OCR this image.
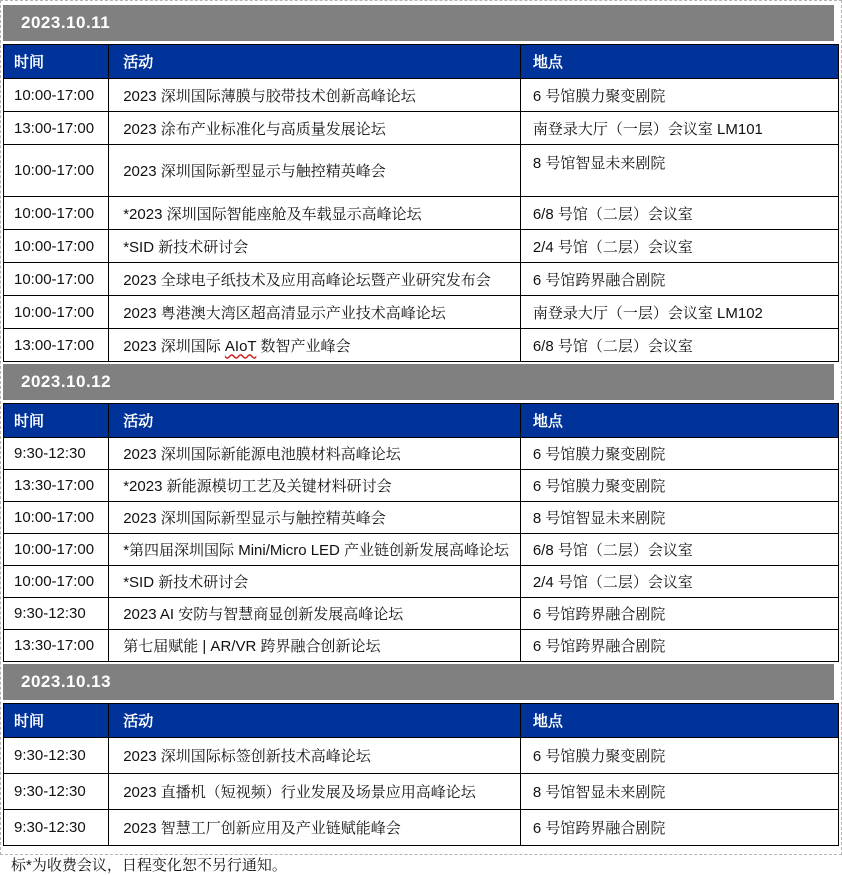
2023.10.11
时间	活动	地点
10:00-17:00	2023 深圳国际薄膜与胶带技术创新高峰论坛	6 号馆膜力聚变剧院
13:00-17:00	2023 涂布产业标准化与高质量发展论坛	南登录大厅（一层）会议室 LM101
10:00-17:00	2023 深圳国际新型显示与触控精英峰会	8 号馆智显未来剧院
10:00-17:00	*2023 深圳国际智能座舱及车载显示高峰论坛	6/8 号馆（二层）会议室
10:00-17:00	*SID 新技术研讨会	2/4 号馆（二层）会议室
10:00-17:00	2023 全球电子纸技术及应用高峰论坛暨产业研究发布会	6 号馆跨界融合剧院
10:00-17:00	2023 粤港澳大湾区超高清显示产业技术高峰论坛	南登录大厅（一层）会议室 LM102
13:00-17:00	2023 深圳国际 AIoT 数智产业峰会	6/8 号馆（二层）会议室
2023.10.12
时间	活动	地点
9:30-12:30	2023 深圳国际新能源电池膜材料高峰论坛	6 号馆膜力聚变剧院
13:30-17:00	*2023 新能源模切工艺及关键材料研讨会	6 号馆膜力聚变剧院
10:00-17:00	2023 深圳国际新型显示与触控精英峰会	8 号馆智显未来剧院
10:00-17:00	*第四届深圳国际 Mini/Micro LED 产业链创新发展高峰论坛	6/8 号馆（二层）会议室
10:00-17:00	*SID 新技术研讨会	2/4 号馆（二层）会议室
9:30-12:30	2023 AI 安防与智慧商显创新发展高峰论坛	6 号馆跨界融合剧院
13:30-17:00	第七届赋能 | AR/VR 跨界融合创新论坛	6 号馆跨界融合剧院
2023.10.13
时间	活动	地点
9:30-12:30	2023 深圳国际标签创新技术高峰论坛	6 号馆膜力聚变剧院
9:30-12:30	2023 直播机（短视频）行业发展及场景应用高峰论坛	8 号馆智显未来剧院
9:30-12:30	2023 智慧工厂创新应用及产业链赋能峰会	6 号馆跨界融合剧院
标*为收费会议，日程变化恕不另行通知。
